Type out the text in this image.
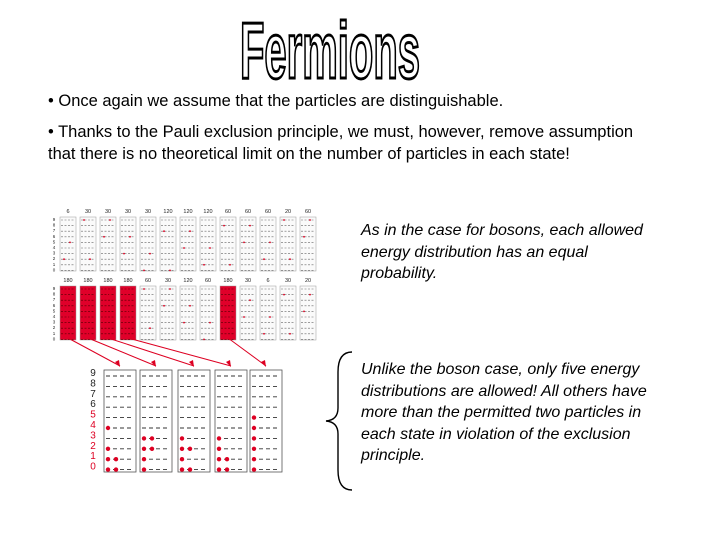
Fermions

• Once again we assume that the particles are distinguishable.

• Thanks to the Pauli exclusion principle, we must, however, remove assumption that there is no theoretical limit on the number of particles in each state!

9
8
7
6
5
4
3
2
1
0
6	30	30	30	30 120 120 120 60	60	60	20	60
9
8
7
6
5
4
3
2
1
0
180 180 180 180 60	30 120 60 180 30	6	30	20
9
8
7
6
5
4
3
2
1
0
As in the case for bosons, each allowed energy distribution has an equal probability.
Unlike the boson case, only five energy distributions are allowed! All others have more than the permitted two particles in each state in violation of the exclusion principle.
